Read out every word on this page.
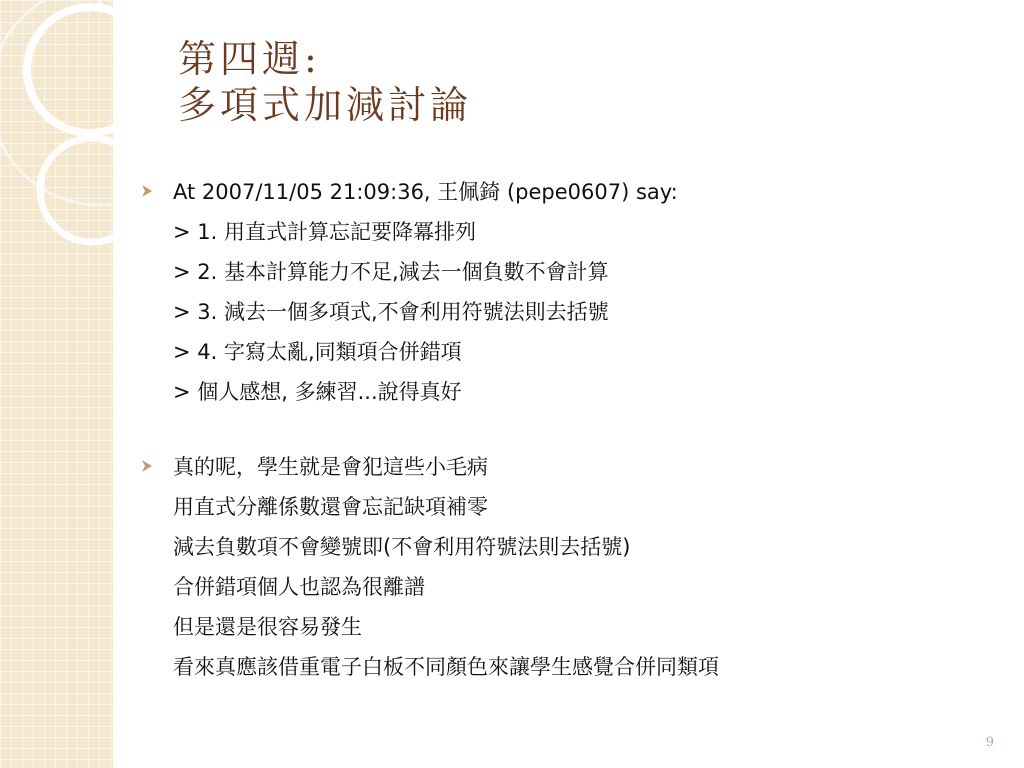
第四週:
多項式加減討論
At 2007/11/05 21:09:36, 王佩錡 (pepe0607) say:
> 1. 用直式計算忘記要降冪排列
> 2. 基本計算能力不足,減去一個負數不會計算
> 3. 減去一個多項式,不會利用符號法則去括號
> 4. 字寫太亂,同類項合併錯項
> 個人感想, 多練習...說得真好
真的呢，學生就是會犯這些小毛病
用直式分離係數還會忘記缺項補零
減去負數項不會變號即(不會利用符號法則去括號)
合併錯項個人也認為很離譜
但是還是很容易發生
看來真應該借重電子白板不同顏色來讓學生感覺合併同類項
9
